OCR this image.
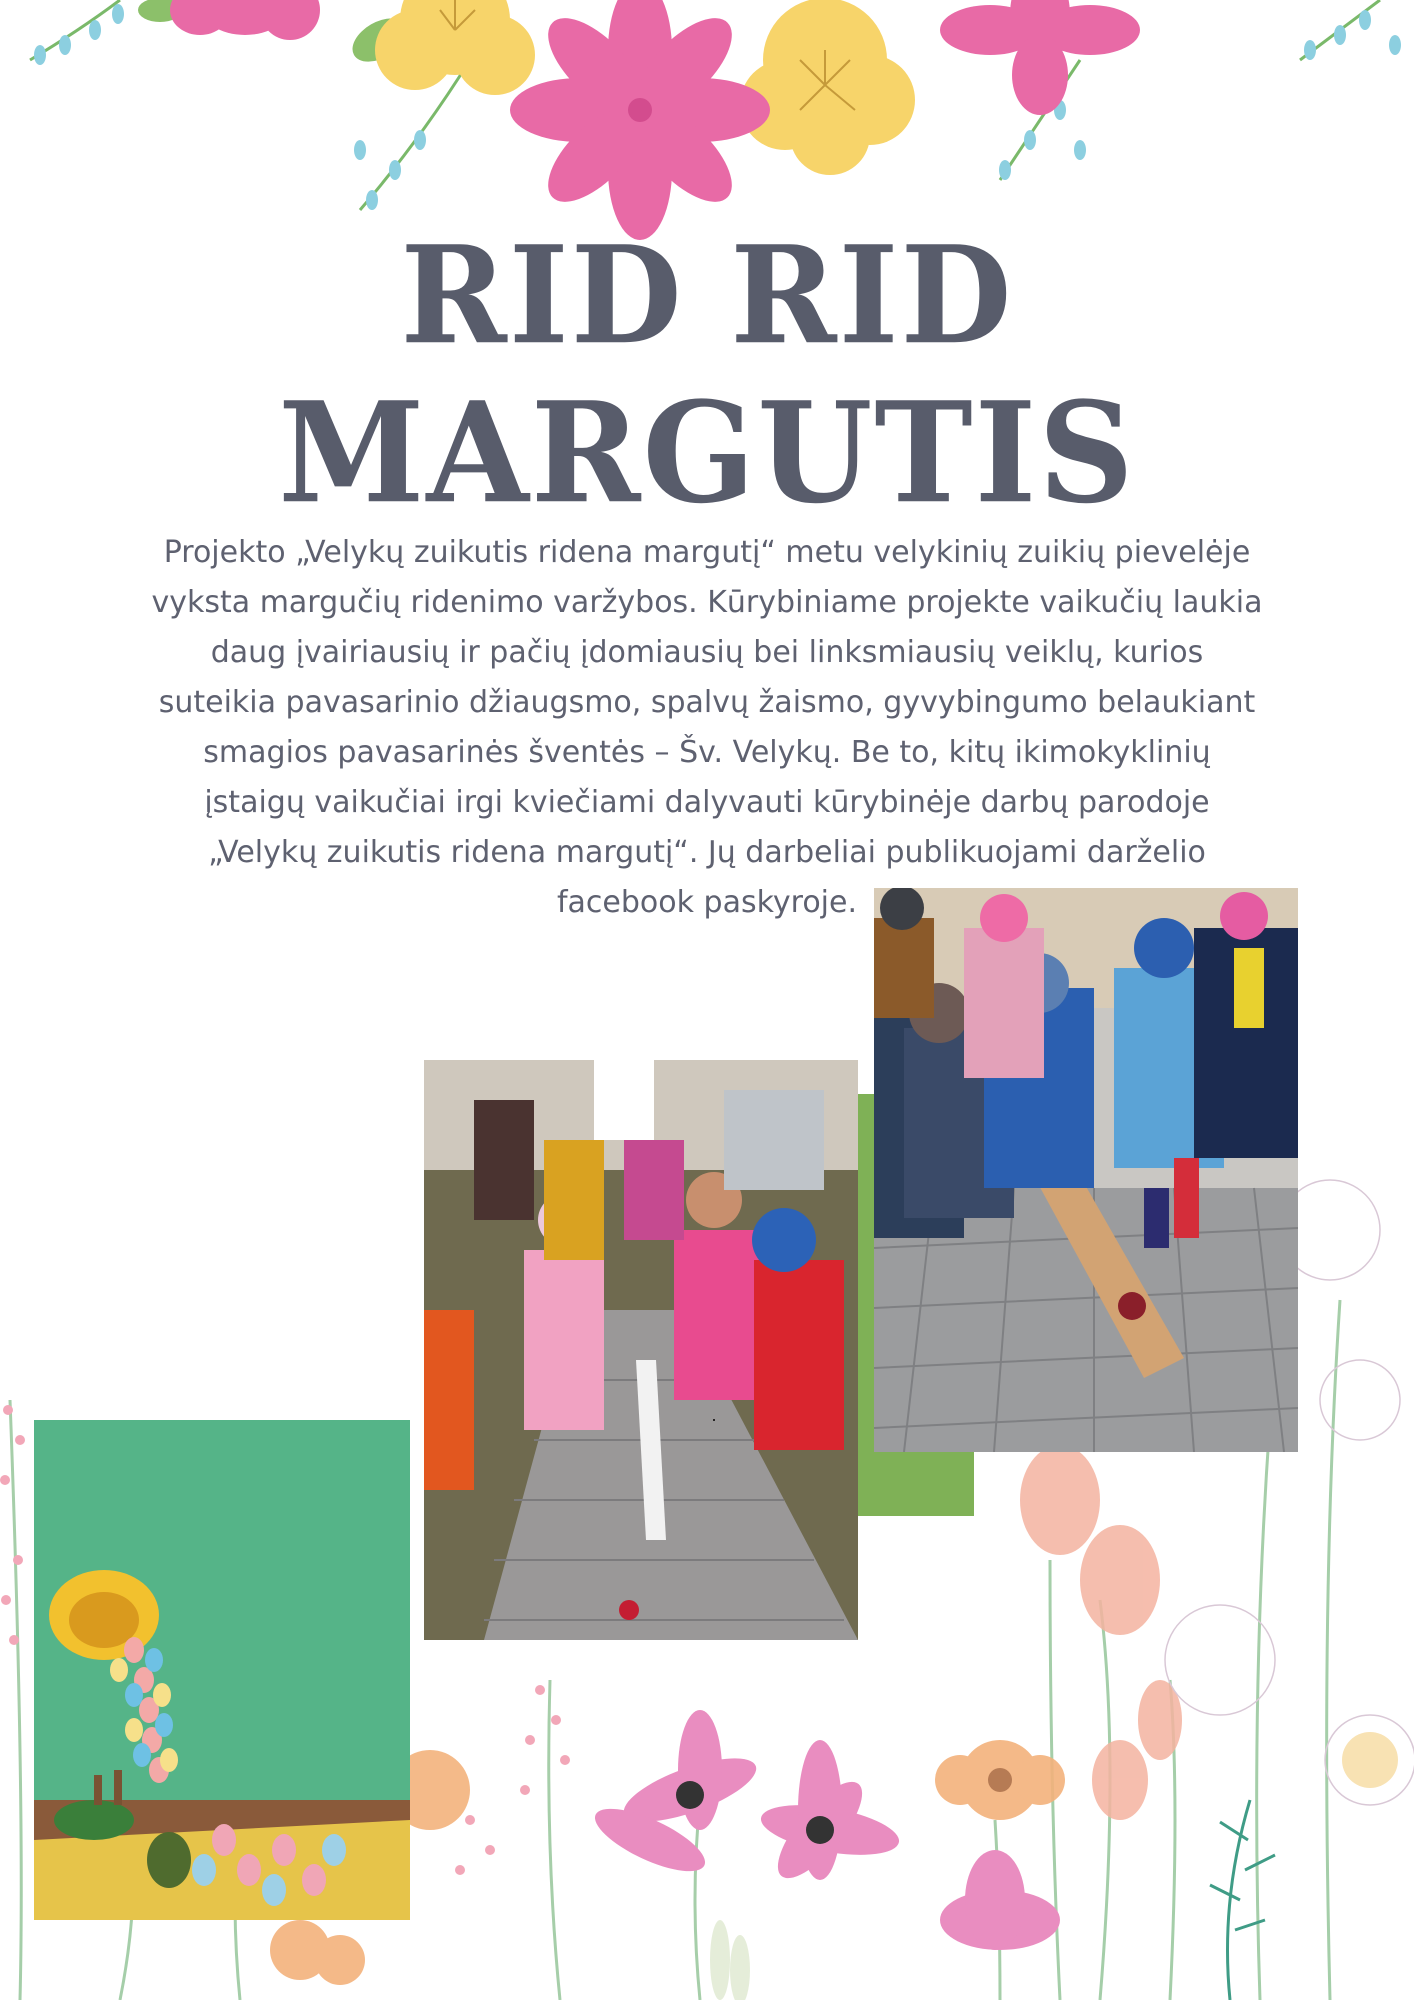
RID RID
MARGUTIS

Projekto „Velykų zuikutis ridena margutį“ metu velykinių zuikių pievelėje vyksta margučių ridenimo varžybos. Kūrybiniame projekte vaikučių laukia daug įvairiausių ir pačių įdomiausių bei linksmiausių veiklų, kurios suteikia pavasarinio džiaugsmo, spalvų žaismo, gyvybingumo belaukiant smagios pavasarinės šventės – Šv. Velykų. Be to, kitų ikimokyklinių įstaigų vaikučiai irgi kviečiami dalyvauti kūrybinėje darbų parodoje „Velykų zuikutis ridena margutį“. Jų darbeliai publikuojami darželio facebook paskyroje.
